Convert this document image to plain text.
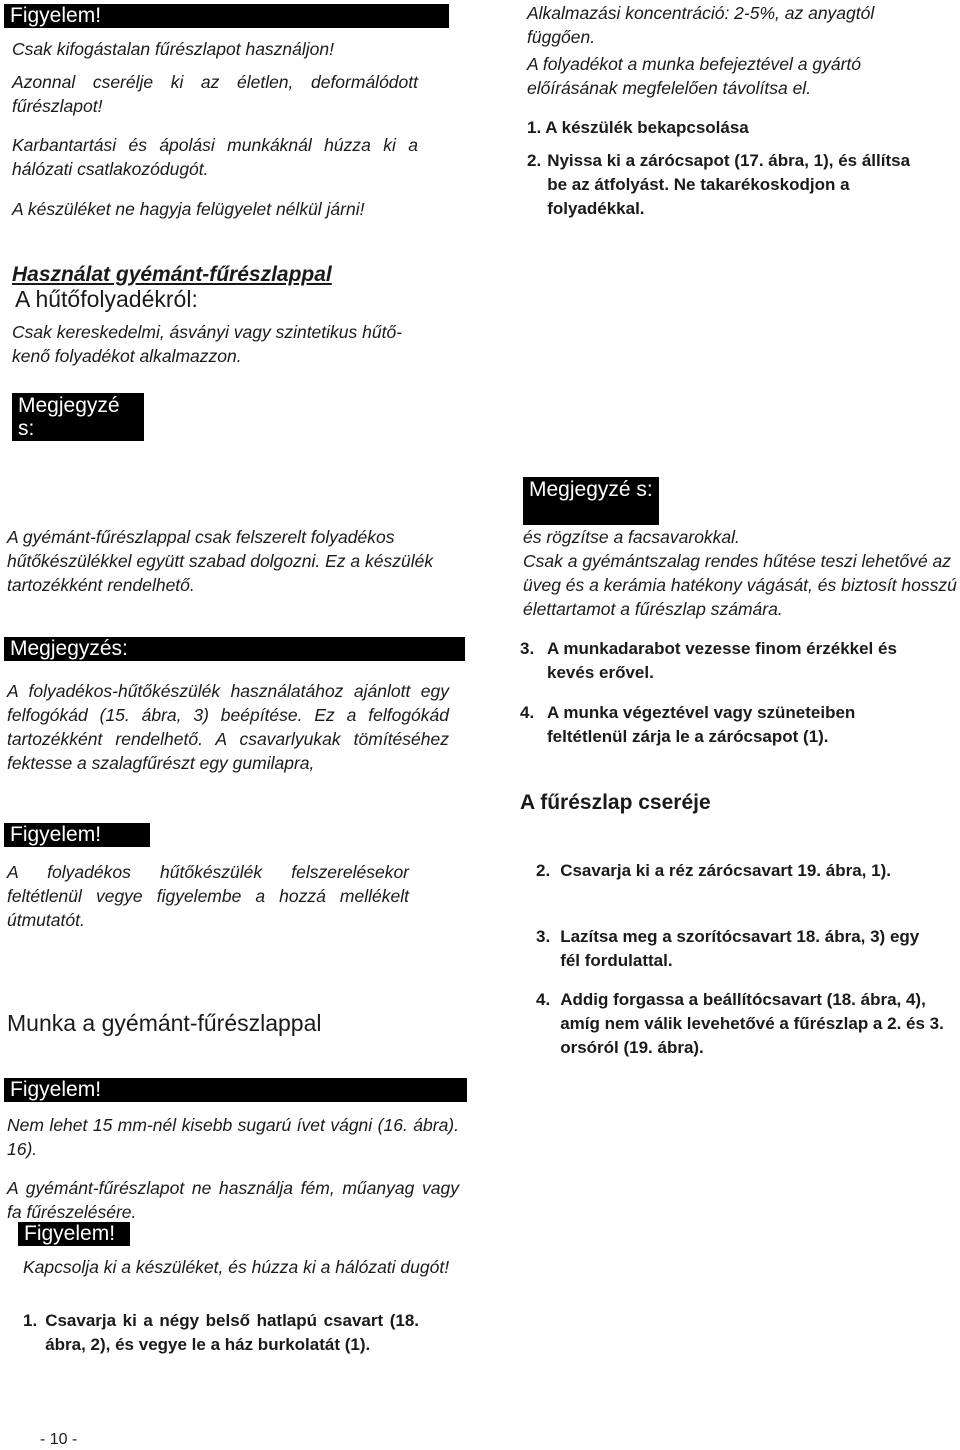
Figyelem!

Csak kifogástalan fűrészlapot használjon!

Azonnal cserélje ki az életlen, deformálódott fűrészlapot!

Karbantartási és ápolási munkáknál húzza ki a hálózati csatlakozódugót.

A készüléket ne hagyja felügyelet nélkül járni!

Alkalmazási koncentráció: 2-5%, az anyagtól függően.

A folyadékot a munka befejeztével a gyártó előírásának megfelelően távolítsa el.

1. A készülék bekapcsolása

2. Nyissa ki a zárócsapot (17. ábra, 1), és állítsa be az átfolyást. Ne takarékoskodjon a folyadékkal.
Használat gyémánt-fűrészlappal
A hűtőfolyadékról:

Csak kereskedelmi, ásványi vagy szintetikus hűtő-kenő folyadékot alkalmazzon.

Megjegyzé s:

A gyémánt-fűrészlappal csak felszerelt folyadékos hűtőkészülékkel együtt szabad dolgozni. Ez a készülék tartozékként rendelhető.

Megjegyzés:

A folyadékos-hűtőkészülék használatához ajánlott egy felfogókád (15. ábra, 3) beépítése. Ez a felfogókád tartozékként rendelhető. A csavarlyukak tömítéséhez fektesse a szalagfűrészt egy gumilapra,

Figyelem!

A folyadékos hűtőkészülék felszerelésekor feltétlenül vegye figyelembe a hozzá mellékelt útmutatót.

Megjegyzé s:

és rögzítse a facsavarokkal.

Csak a gyémántszalag rendes hűtése teszi lehetővé az üveg és a kerámia hatékony vágását, és biztosít hosszú élettartamot a fűrészlap számára.

3. A munkadarabot vezesse finom érzékkel és kevés erővel.
4. A munka végeztével vagy szüneteiben feltétlenül zárja le a zárócsapot (1).
A fűrészlap cseréje
2. Csavarja ki a réz zárócsavart 19. ábra, 1).
3. Lazítsa meg a szorítócsavart 18. ábra, 3) egy fél fordulattal.
4. Addig forgassa a beállítócsavart (18. ábra, 4), amíg nem válik levehetővé a fűrészlap a 2. és 3. orsóról (19. ábra).
Munka a gyémánt-fűrészlappal
Figyelem!

Nem lehet 15 mm-nél kisebb sugarú ívet vágni (16. ábra). 16).

A gyémánt-fűrészlapot ne használja fém, műanyag vagy fa fűrészelésére.

Figyelem!

Kapcsolja ki a készüléket, és húzza ki a hálózati dugót!

1. Csavarja ki a négy belső hatlapú csavart (18. ábra, 2), és vegye le a ház burkolatát (1).
- 10 -
